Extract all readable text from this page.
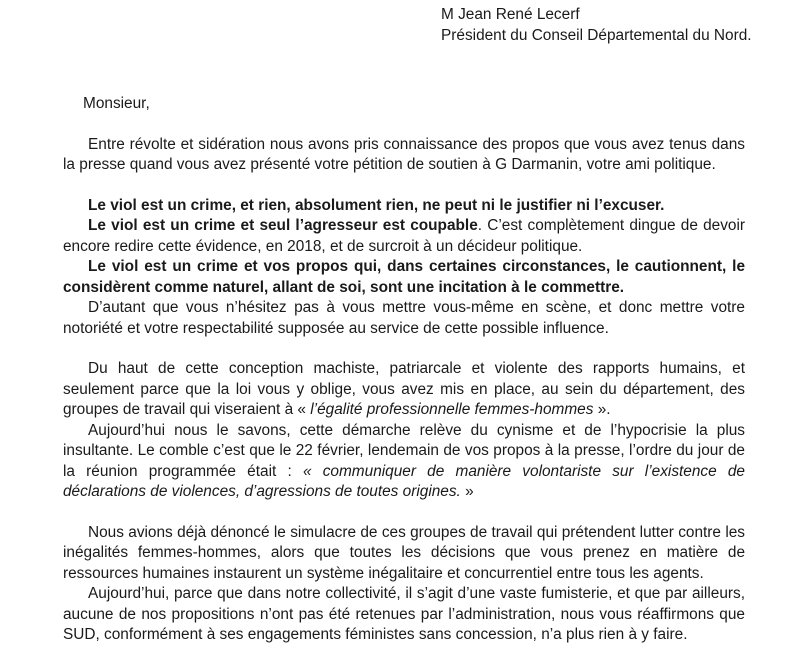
M Jean René Lecerf
Président du Conseil Départemental du Nord.

Monsieur,

Entre révolte et sidération nous avons pris connaissance des propos que vous avez tenus dans la presse quand vous avez présenté votre pétition de soutien à G Darmanin, votre ami politique.

Le viol est un crime, et rien, absolument rien, ne peut ni le justifier ni l’excuser.

Le viol est un crime et seul l’agresseur est coupable. C’est complètement dingue de devoir encore redire cette évidence, en 2018, et de surcroit à un décideur politique.

Le viol est un crime et vos propos qui, dans certaines circonstances, le cautionnent, le considèrent comme naturel, allant de soi, sont une incitation à le commettre.

D’autant que vous n’hésitez pas à vous mettre vous-même en scène, et donc mettre votre notoriété et votre respectabilité supposée au service de cette possible influence.

Du haut de cette conception machiste, patriarcale et violente des rapports humains, et seulement parce que la loi vous y oblige, vous avez mis en place, au sein du département, des groupes de travail qui viseraient à « l’égalité professionnelle femmes-hommes ».

Aujourd’hui nous le savons, cette démarche relève du cynisme et de l’hypocrisie la plus insultante. Le comble c’est que le 22 février, lendemain de vos propos à la presse, l’ordre du jour de la réunion programmée était : « communiquer de manière volontariste sur l’existence de déclarations de violences, d’agressions de toutes origines. »

Nous avions déjà dénoncé le simulacre de ces groupes de travail qui prétendent lutter contre les inégalités femmes-hommes, alors que toutes les décisions que vous prenez en matière de ressources humaines instaurent un système inégalitaire et concurrentiel entre tous les agents.

Aujourd’hui, parce que dans notre collectivité, il s’agit d’une vaste fumisterie, et que par ailleurs, aucune de nos propositions n’ont pas été retenues par l’administration, nous vous réaffirmons que SUD, conformément à ses engagements féministes sans concession, n’a plus rien à y faire.
